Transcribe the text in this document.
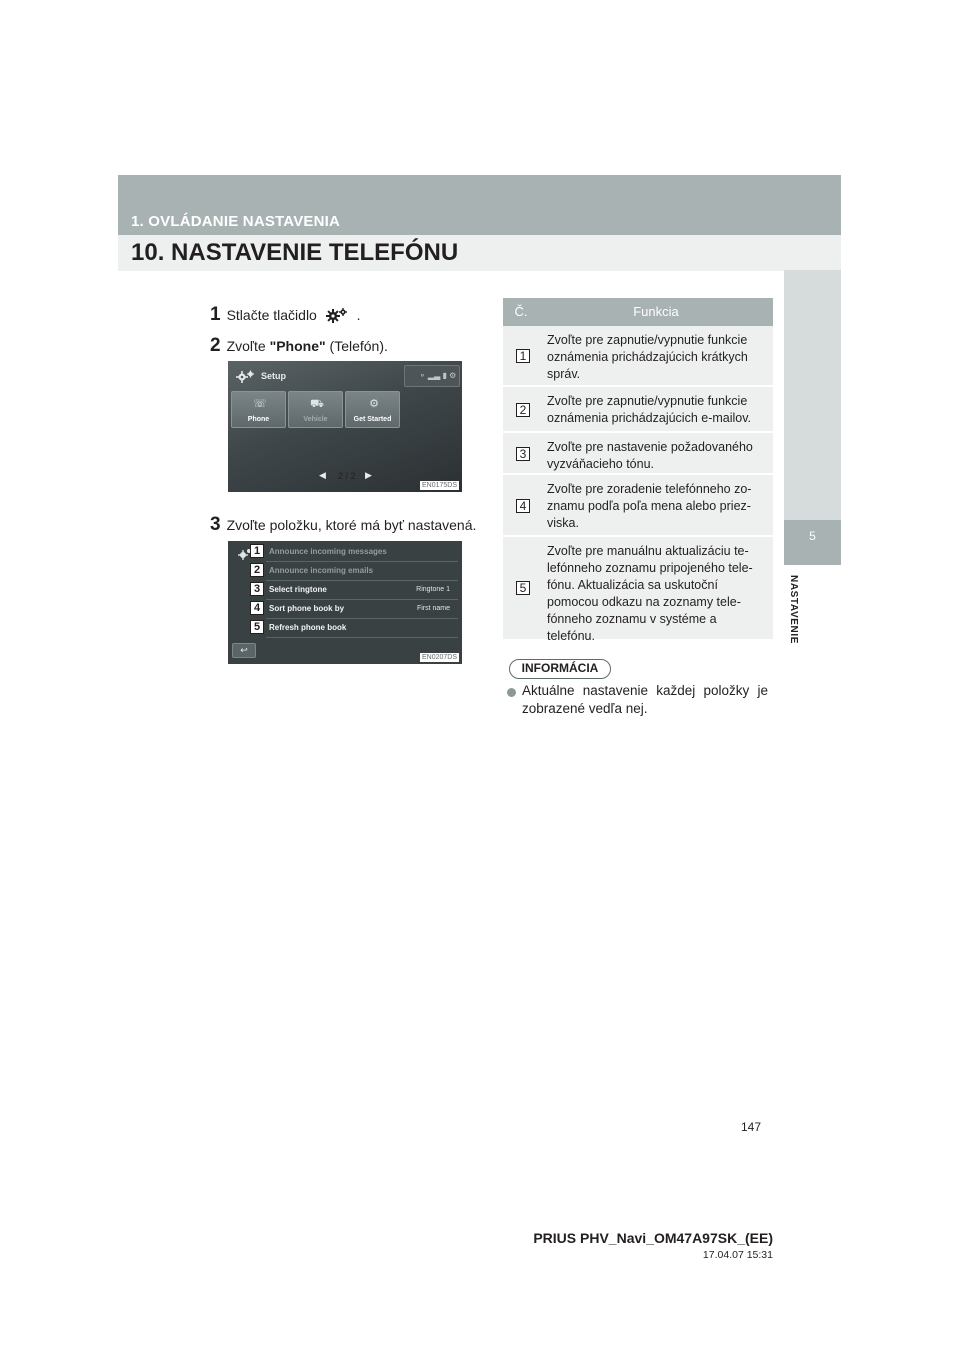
1. OVLÁDANIE NASTAVENIA
10. NASTAVENIE TELEFÓNU
5
NASTAVENIE
1 Stlačte tlačidlo	.
2 Zvoľte "Phone" (Telefón).
Setup	⚬ ▂▃ ▮ ⚙
☏
Phone
⛟
Vehicle
⚙
Get Started
◀ 2 / 2 ▶
EN0175DS
3 Zvoľte položku, ktoré má byť nastavená.
Announce incoming messages
Announce incoming emails
Select ringtone	Ringtone 1
Sort phone book by	First name
Refresh phone book
1
2
3
4
5
↩
EN0207DS
Č.	Funkcia
1
Zvoľte pre zapnutie/vypnutie funkcie oznámenia prichádzajúcich krátkych správ.
2
Zvoľte pre zapnutie/vypnutie funkcie oznámenia prichádzajúcich e-mailov.
3 Zvoľte pre nastavenie požadovaného vyzváňacieho tónu.
4
Zvoľte pre zoradenie telefónneho zo-znamu podľa poľa mena alebo priez-viska.
5
Zvoľte pre manuálnu aktualizáciu te-lefónneho zoznamu pripojeného tele-fónu. Aktualizácia sa uskutoční pomocou odkazu na zoznamy tele-fónneho zoznamu v systéme a telefónu.
INFORMÁCIA
Aktuálne nastavenie každej položky je zobrazené vedľa nej.
147
PRIUS PHV_Navi_OM47A97SK_(EE)
17.04.07 15:31
